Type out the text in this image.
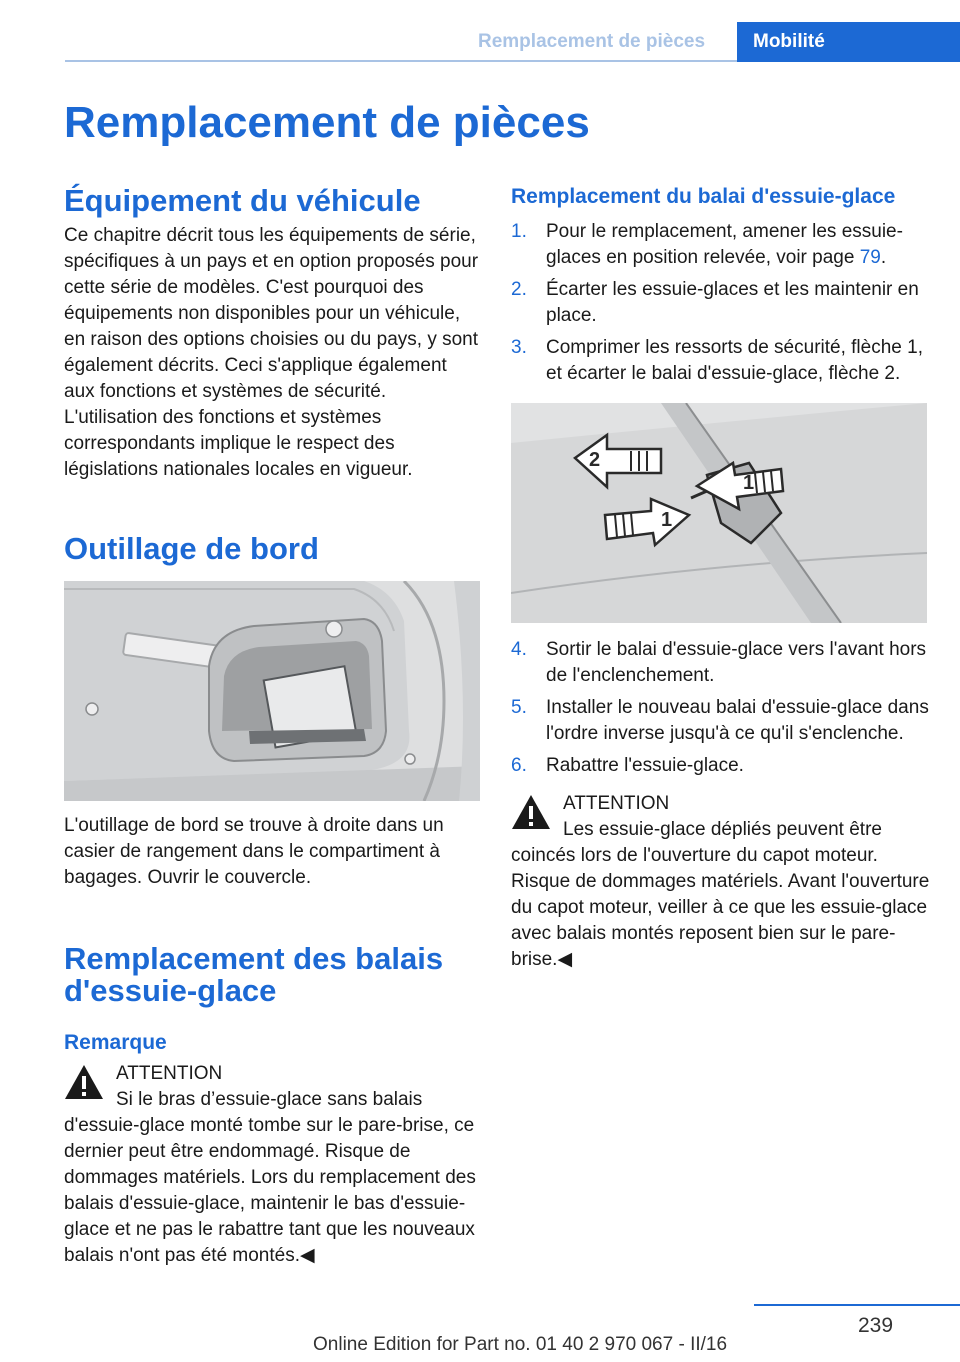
Remplacement de pièces	Mobilité
Remplacement de pièces
Équipement du véhicule

Ce chapitre décrit tous les équipements de série, spécifiques à un pays et en option proposés pour cette série de modèles. C'est pourquoi des équipements non disponibles pour un véhicule, en raison des options choisies ou du pays, y sont également décrits. Ceci s'applique également aux fonctions et systèmes de sécurité. L'utilisation des fonctions et systèmes correspondants implique le respect des législations nationales locales en vigueur.

Outillage de bord

L'outillage de bord se trouve à droite dans un casier de rangement dans le compartiment à bagages. Ouvrir le couvercle.

Remplacement des balais d'essuie-glace
Remarque
ATTENTION
Si le bras d’essuie-glace sans balais
d'essuie-glace monté tombe sur le pare-brise, ce dernier peut être endommagé. Risque de dommages matériels. Lors du remplacement des balais d'essuie-glace, maintenir le bas d'essuie-glace et ne pas le rabattre tant que les nouveaux balais n'ont pas été montés.◀
Remplacement du balai d'essuie-glace
1. Pour le remplacement, amener les essuie-glaces en position relevée, voir page 79.
2. Écarter les essuie-glaces et les maintenir en place.
3. Comprimer les ressorts de sécurité, flèche 1, et écarter le balai d'essuie-glace, flèche 2.
2
1
1
4. Sortir le balai d'essuie-glace vers l'avant hors de l'enclenchement.
5. Installer le nouveau balai d'essuie-glace dans l'ordre inverse jusqu'à ce qu'il s'enclenche.
6. Rabattre l'essuie-glace.
ATTENTION
Les essuie-glace dépliés peuvent être
coincés lors de l'ouverture du capot moteur. Risque de dommages matériels. Avant l'ouverture du capot moteur, veiller à ce que les essuie-glace avec balais montés reposent bien sur le pare-brise.◀
239
Online Edition for Part no. 01 40 2 970 067 - II/16
